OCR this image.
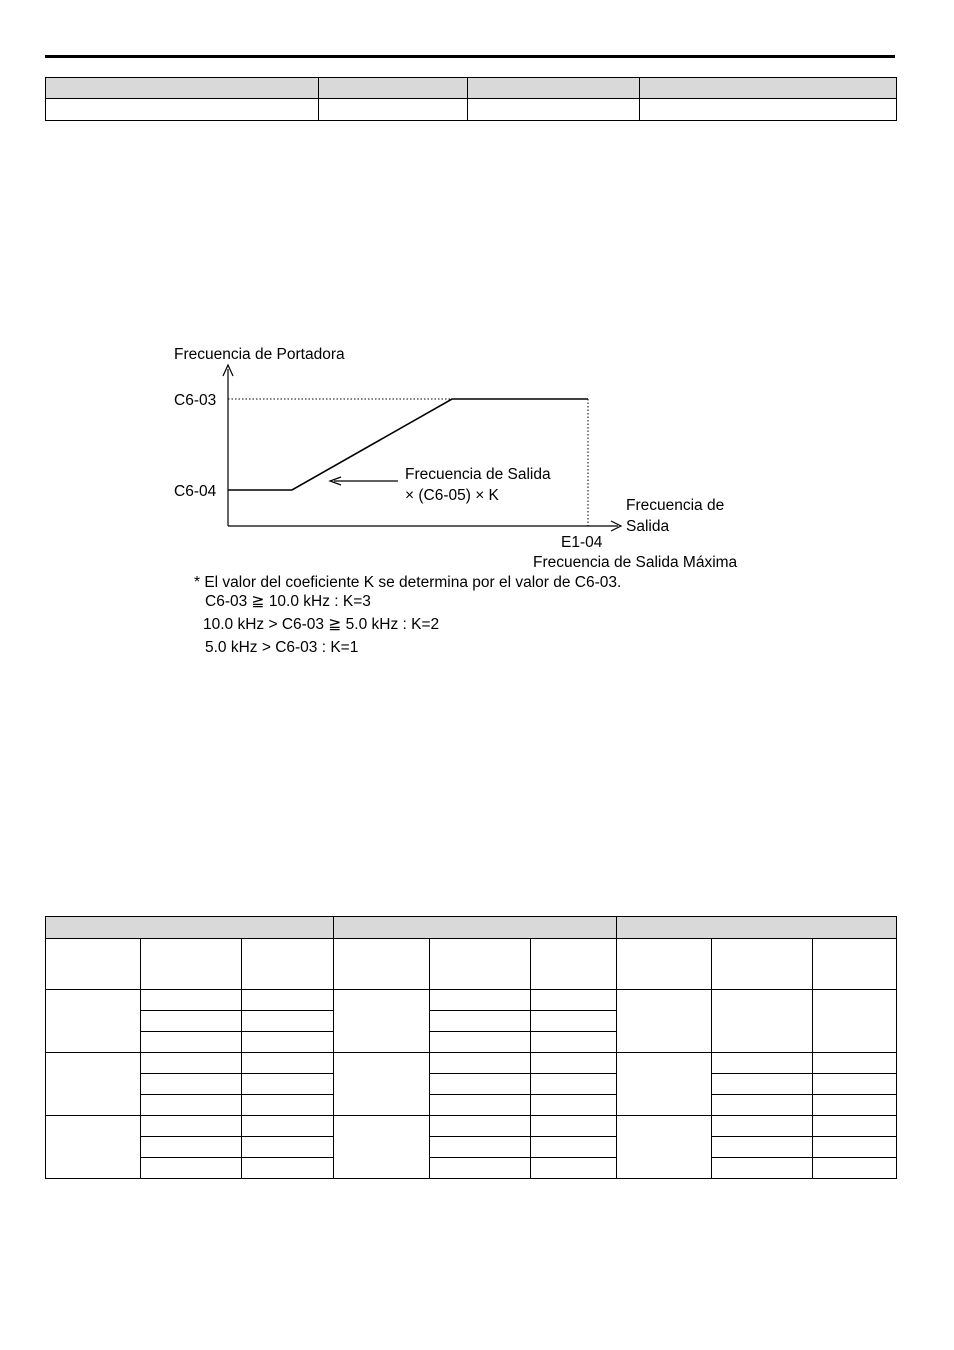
Frecuencia de Portadora
C6-03
C6-04
Frecuencia de Salida
× (C6-05) × K
Frecuencia de
Salida
E1-04
Frecuencia de Salida Máxima
* El valor del coeficiente K se determina por el valor de C6-03.
C6-03 ≧ 10.0 kHz : K=3
10.0 kHz > C6-03 ≧ 5.0 kHz : K=2
5.0 kHz > C6-03 : K=1
